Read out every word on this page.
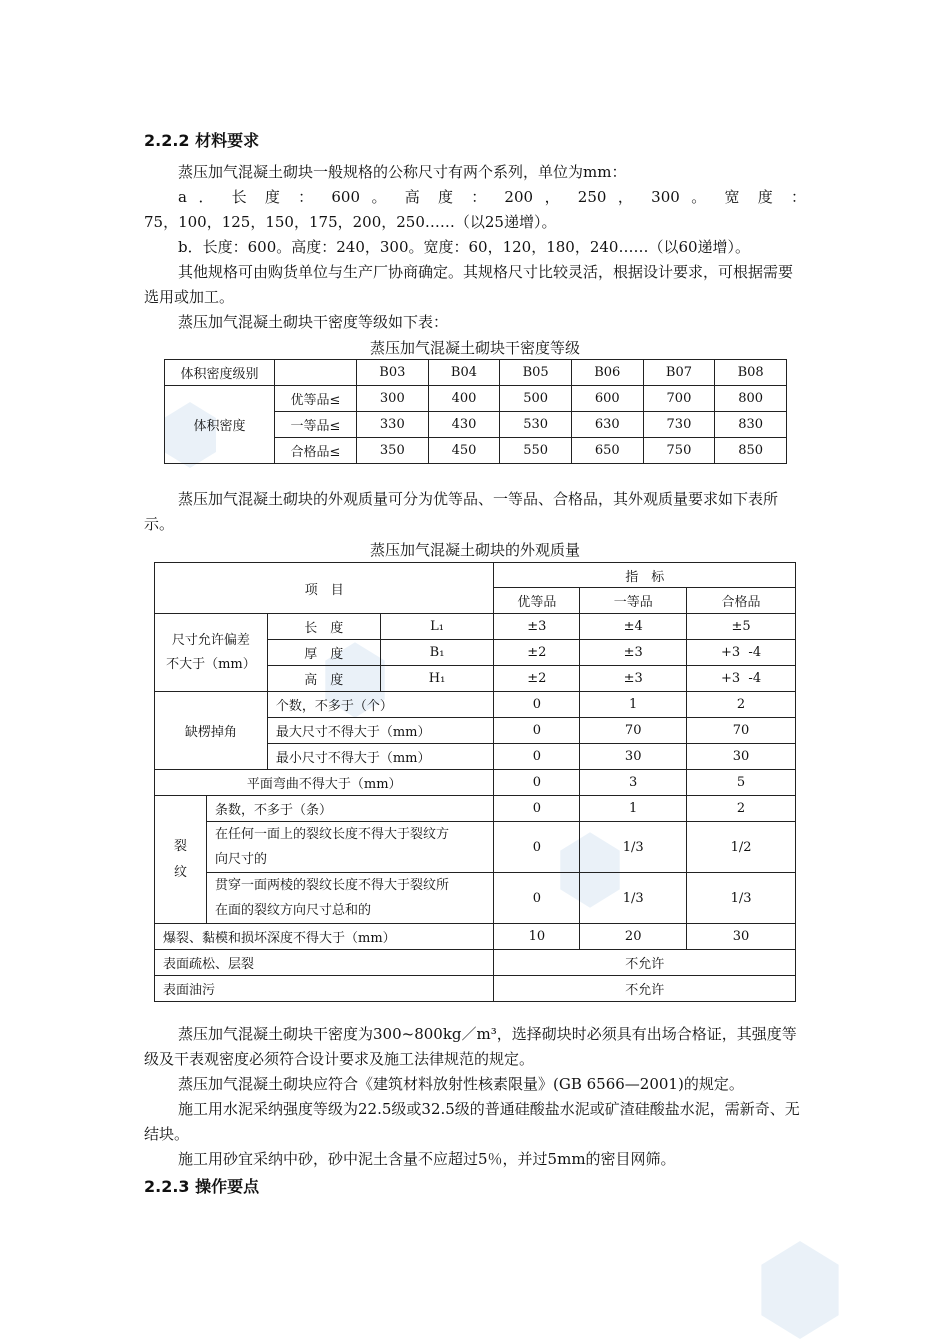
2.2.2 材料要求

蒸压加气混凝土砌块一般规格的公称尺寸有两个系列，单位为mm：

a ． 长 度 ： 600 。 高 度 ： 200 ， 250 ， 300 。 宽 度 ：

75，100，125，150，175，200，250……（以25递增）。

b．长度：600。高度：240，300。宽度：60，120，180，240……（以60递增）。

其他规格可由购货单位与生产厂协商确定。其规格尺寸比较灵活，根据设计要求，可根据需要选用或加工。

蒸压加气混凝土砌块干密度等级如下表：

蒸压加气混凝土砌块干密度等级
体积密度级别		B03	B04	B05	B06	B07	B08
体积密度	优等品≤	300	400	500	600	700	800
	一等品≤	330	430	530	630	730	830
	合格品≤	350	450	550	650	750	850

蒸压加气混凝土砌块的外观质量可分为优等品、一等品、合格品，其外观质量要求如下表所示。

蒸压加气混凝土砌块的外观质量
项　目				指　标		
				优等品	一等品	合格品

尺寸允许偏差
不大于（mm）		长　度	L₁	±3	±4	±5
		厚　度	B₁	±2	±3	+3  -4
		高　度	H₁	±2	±3	+3  -4
缺楞掉角		个数，不多于（个）		0	1	2
		最大尺寸不得大于（mm）		0	70	70
		最小尺寸不得大于（mm）		0	30	30
平面弯曲不得大于（mm）				0	3	5

裂
纹	条数，不多于（条）			0	1	2

	在任何一面上的裂纹长度不得大于裂纹方
向尺寸的			0	1/3	1/2

	贯穿一面两棱的裂纹长度不得大于裂纹所
在面的裂纹方向尺寸总和的			0	1/3	1/3
爆裂、黏模和损坏深度不得大于（mm）				10	20	30
表面疏松、层裂				不允许		
表面油污				不允许		

蒸压加气混凝土砌块干密度为300~800kg／m³，选择砌块时必须具有出场合格证，其强度等级及干表观密度必须符合设计要求及施工法律规范的规定。

蒸压加气混凝土砌块应符合《建筑材料放射性核素限量》(GB 6566—2001)的规定。

施工用水泥采纳强度等级为22.5级或32.5级的普通硅酸盐水泥或矿渣硅酸盐水泥，需新奇、无结块。

施工用砂宜采纳中砂，砂中泥土含量不应超过5％，并过5mm的密目网筛。

2.2.3 操作要点
